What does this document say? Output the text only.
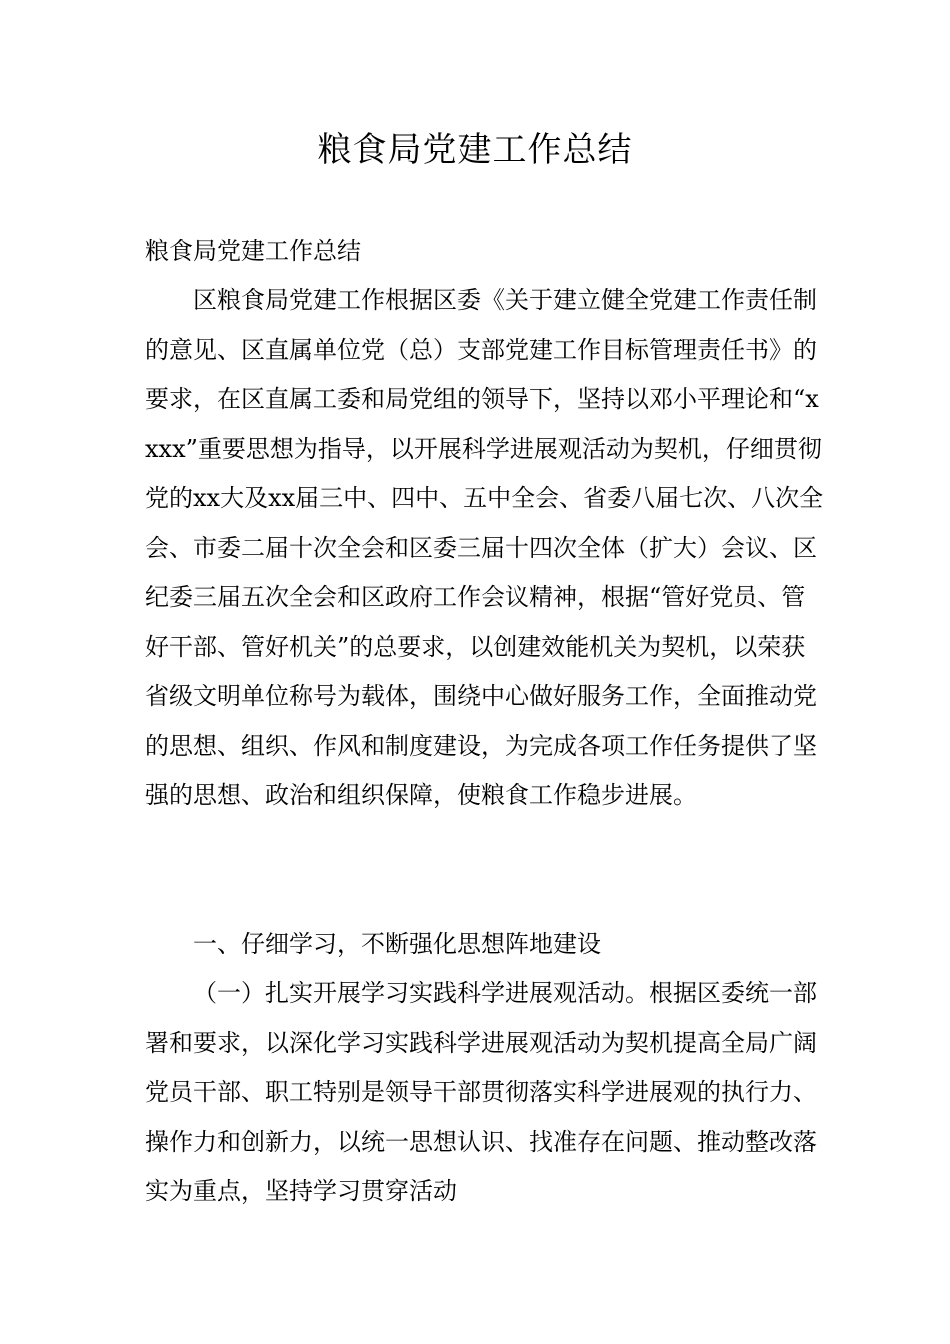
粮食局党建工作总结

粮食局党建工作总结

区粮食局党建工作根据区委《关于建立健全党建工作责任制的意见、区直属单位党（总）支部党建工作目标管理责任书》的要求，在区直属工委和局党组的领导下，坚持以邓小平理论和“xxxx”重要思想为指导，以开展科学进展观活动为契机，仔细贯彻党的xx大及xx届三中、四中、五中全会、省委八届七次、八次全会、市委二届十次全会和区委三届十四次全体（扩大）会议、区纪委三届五次全会和区政府工作会议精神，根据“管好党员、管好干部、管好机关”的总要求，以创建效能机关为契机，以荣获省级文明单位称号为载体，围绕中心做好服务工作，全面推动党的思想、组织、作风和制度建设，为完成各项工作任务提供了坚强的思想、政治和组织保障，使粮食工作稳步进展。

一、仔细学习，不断强化思想阵地建设

（一）扎实开展学习实践科学进展观活动。根据区委统一部署和要求，以深化学习实践科学进展观活动为契机提高全局广阔党员干部、职工特别是领导干部贯彻落实科学进展观的执行力、操作力和创新力，以统一思想认识、找准存在问题、推动整改落实为重点，坚持学习贯穿活动
